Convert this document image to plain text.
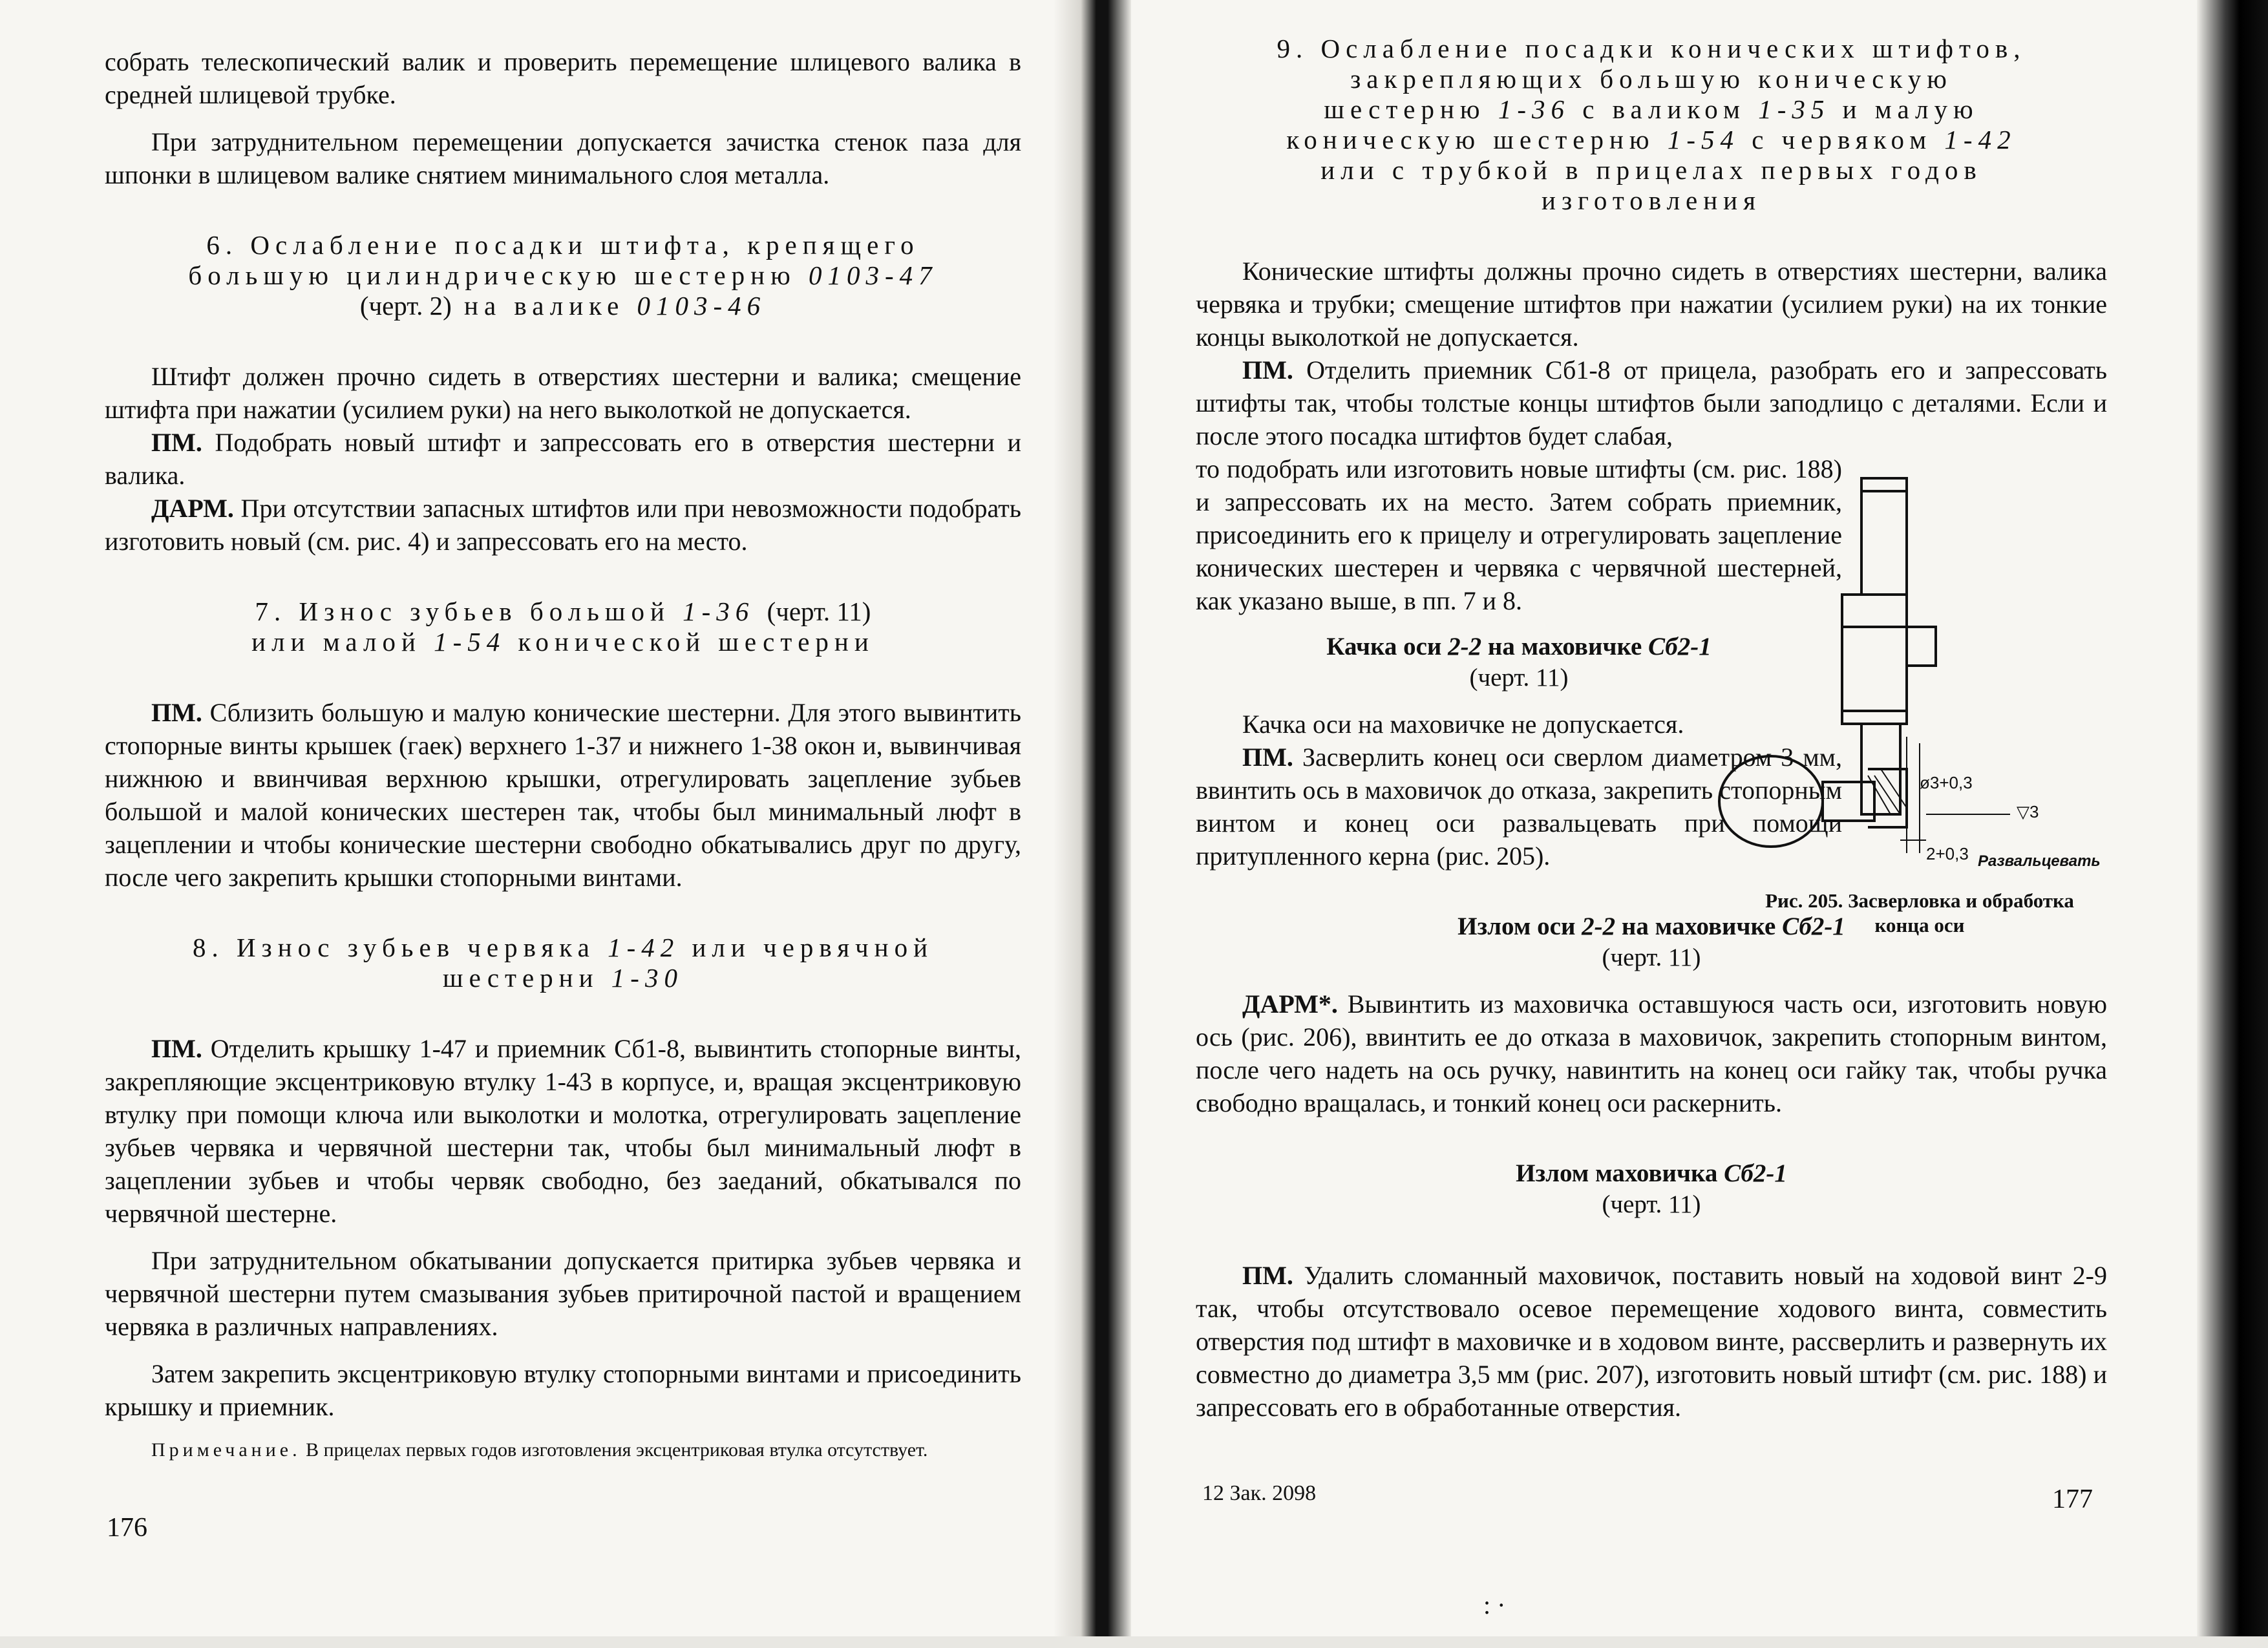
собрать телескопический валик и проверить перемещение шлицевого валика в средней шлицевой трубке.

При затруднительном перемещении допускается зачистка стенок паза для шпонки в шлицевом валике снятием минимального слоя металла.

6. Ослабление посадки штифта, крепящего

большую цилиндрическую шестерню 0103-47

(черт. 2) на валике 0103-46

Штифт должен прочно сидеть в отверстиях шестерни и валика; смещение штифта при нажатии (усилием руки) на него выколоткой не допускается.

ПМ. Подобрать новый штифт и запрессовать его в отверстия шестерни и валика.

ДАРМ. При отсутствии запасных штифтов или при невозможности подобрать изготовить новый (см. рис. 4) и запрессовать его на место.

7. Износ зубьев большой 1-36 (черт. 11)

или малой 1-54 конической шестерни

ПМ. Сблизить большую и малую конические шестерни. Для этого вывинтить стопорные винты крышек (гаек) верхнего 1-37 и нижнего 1-38 окон и, вывинчивая нижнюю и ввинчивая верхнюю крышки, отрегулировать зацепление зубьев большой и малой конических шестерен так, чтобы был минимальный люфт в зацеплении и чтобы конические шестерни свободно обкатывались друг по другу, после чего закрепить крышки стопорными винтами.

8. Износ зубьев червяка 1-42 или червячной

шестерни 1-30

ПМ. Отделить крышку 1-47 и приемник Сб1-8, вывинтить стопорные винты, закрепляющие эксцентриковую втулку 1-43 в корпусе, и, вращая эксцентриковую втулку при помощи ключа или выколотки и молотка, отрегулировать зацепление зубьев червяка и червячной шестерни так, чтобы был минимальный люфт в зацеплении зубьев и чтобы червяк свободно, без заеданий, обкатывался по червячной шестерне.

При затруднительном обкатывании допускается притирка зубьев червяка и червячной шестерни путем смазывания зубьев притирочной пастой и вращением червяка в различных направлениях.

Затем закрепить эксцентриковую втулку стопорными винтами и присоединить крышку и приемник.

Примечание. В прицелах первых годов изготовления эксцентриковая втулка отсутствует.

176

9. Ослабление посадки конических штифтов,

закрепляющих большую коническую

шестерню 1-36 с валиком 1-35 и малую

коническую шестерню 1-54 с червяком 1-42

или с трубкой в прицелах первых годов

изготовления

Конические штифты должны прочно сидеть в отверстиях шестерни, валика червяка и трубки; смещение штифтов при нажатии (усилием руки) на их тонкие концы выколоткой не допускается.

ПМ. Отделить приемник Сб1-8 от прицела, разобрать его и запрессовать штифты так, чтобы толстые концы штифтов были заподлицо с деталями. Если и после этого посадка штифтов будет слабая,

то подобрать или изготовить новые штифты (см. рис. 188) и запрессовать их на место. Затем собрать приемник, присоединить его к прицелу и отрегулировать зацепление конических шестерен и червяка с червячной шестерней, как указано выше, в пп. 7 и 8.

Качка оси 2-2 на маховичке Сб2-1

(черт. 11)

Качка оси на маховичке не допускается.

ПМ. Засверлить конец оси сверлом диаметром 3 мм, ввинтить ось в маховичок до отказа, закрепить стопорным винтом и конец оси развальцевать при помощи притупленного керна (рис. 205).

Излом оси 2-2 на маховичке Сб2-1

(черт. 11)

ДАРМ*. Вывинтить из маховичка оставшуюся часть оси, изготовить новую ось (рис. 206), ввинтить ее до отказа в маховичок, закрепить стопорным винтом, после чего надеть на ось ручку, навинтить на конец оси гайку так, чтобы ручка свободно вращалась, и тонкий конец оси раскернить.

Излом маховичка Сб2-1

(черт. 11)

ПМ. Удалить сломанный маховичок, поставить новый на ходовой винт 2-9 так, чтобы отсутствовало осевое перемещение ходового винта, совместить отверстия под штифт в маховичке и в ходовом винте, рассверлить и развернуть их совместно до диаметра 3,5 мм (рис. 207), изготовить новый штифт (см. рис. 188) и запрессовать его в обработанные отверстия.

12 Зак. 2098	177
ø3+0,3
▽3
2+0,3 Развальцевать
Рис. 205. Засверловка и обработка конца оси
: ·
